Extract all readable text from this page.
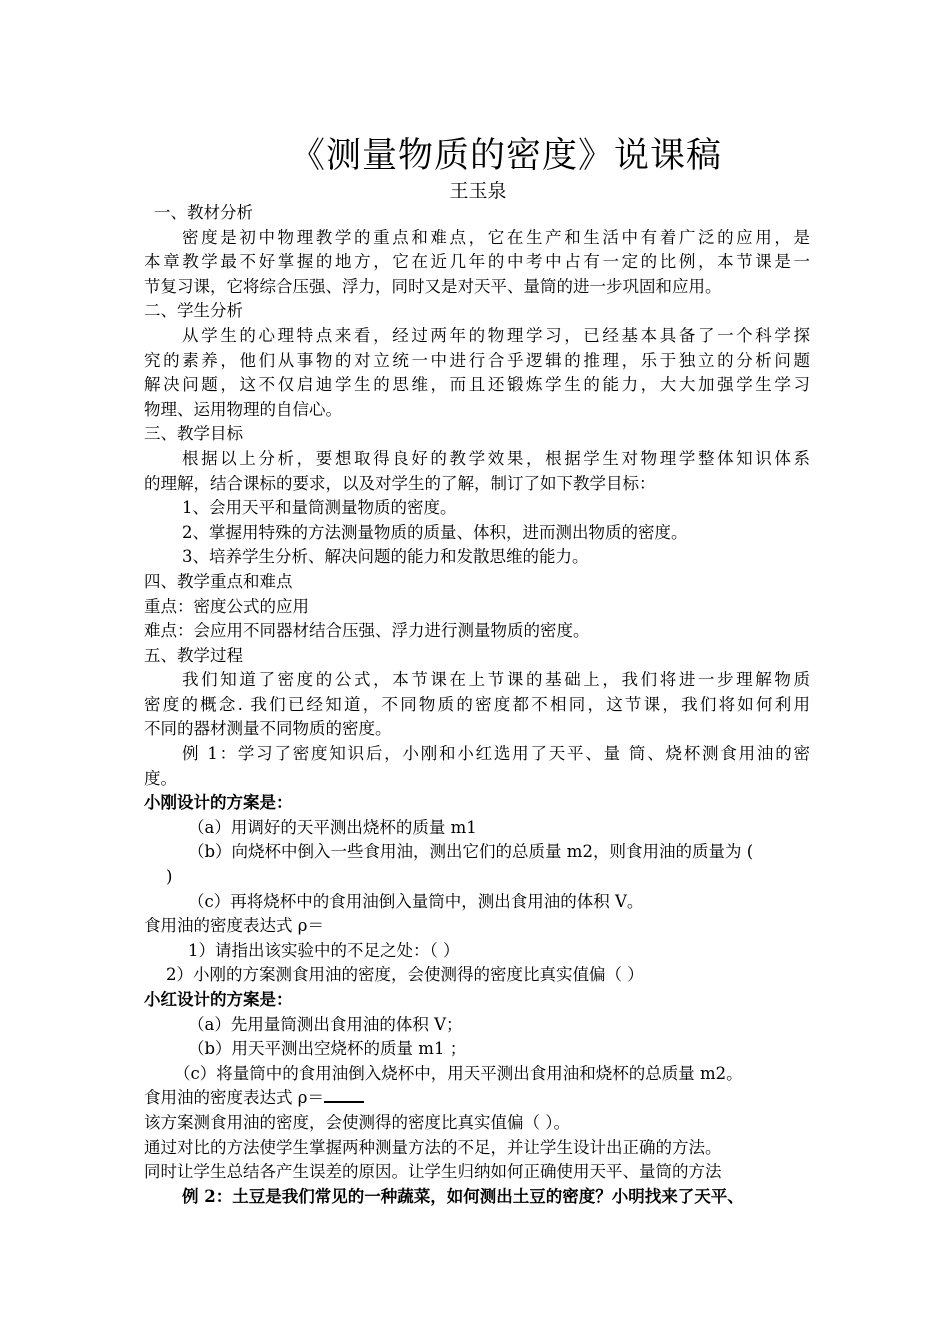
《测量物质的密度》说课稿
王玉泉
一、教材分析
密度是初中物理教学的重点和难点，它在生产和生活中有着广泛的应用，是
本章教学最不好掌握的地方，它在近几年的中考中占有一定的比例，本节课是一
节复习课，它将综合压强、浮力，同时又是对天平、量筒的进一步巩固和应用。
二、学生分析
从学生的心理特点来看，经过两年的物理学习，已经基本具备了一个科学探
究的素养，他们从事物的对立统一中进行合乎逻辑的推理，乐于独立的分析问题
解决问题，这不仅启迪学生的思维，而且还锻炼学生的能力，大大加强学生学习
物理、运用物理的自信心。
三、教学目标
根据以上分析，要想取得良好的教学效果，根据学生对物理学整体知识体系
的理解，结合课标的要求，以及对学生的了解，制订了如下教学目标：
1、会用天平和量筒测量物质的密度。
2、掌握用特殊的方法测量物质的质量、体积，进而测出物质的密度。
3、培养学生分析、解决问题的能力和发散思维的能力。
四、教学重点和难点
重点：密度公式的应用
难点：会应用不同器材结合压强、浮力进行测量物质的密度。
五、教学过程
我们知道了密度的公式，本节课在上节课的基础上，我们将进一步理解物质
密度的概念. 我们已经知道，不同物质的密度都不相同，这节课，我们将如何利用
不同的器材测量不同物质的密度。
例 1：学习了密度知识后，小刚和小红选用了天平、量 筒、烧杯测食用油的密
度。
小刚设计的方案是：
（a）用调好的天平测出烧杯的质量 m1
（b）向烧杯中倒入一些食用油，测出它们的总质量 m2，则食用油的质量为 (
)
（c）再将烧杯中的食用油倒入量筒中，测出食用油的体积 V。
食用油的密度表达式 ρ＝
1）请指出该实验中的不足之处：（ ）
2）小刚的方案测食用油的密度，会使测得的密度比真实值偏（ ）
小红设计的方案是：
（a）先用量筒测出食用油的体积 V；
（b）用天平测出空烧杯的质量 m1 ；
（c）将量筒中的食用油倒入烧杯中，用天平测出食用油和烧杯的总质量 m2。
食用油的密度表达式 ρ＝
该方案测食用油的密度，会使测得的密度比真实值偏（ ）。
通过对比的方法使学生掌握两种测量方法的不足，并让学生设计出正确的方法。
同时让学生总结各产生误差的原因。让学生归纳如何正确使用天平、量筒的方法
例 2：土豆是我们常见的一种蔬菜，如何测出土豆的密度？小明找来了天平、
